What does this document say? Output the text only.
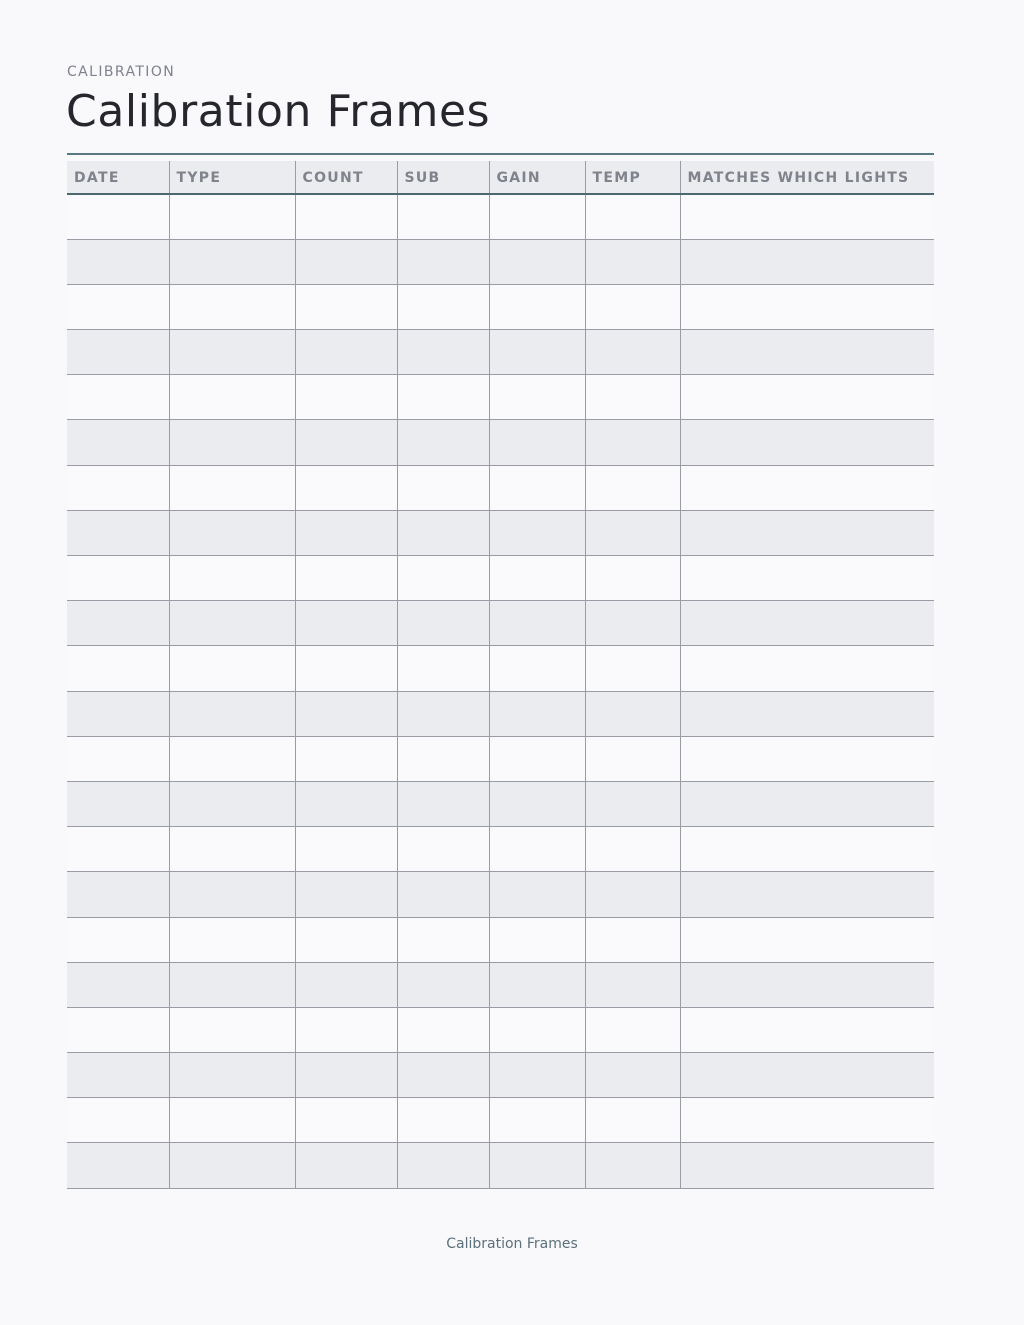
CALIBRATION
Calibration Frames
DATE	TYPE	COUNT	SUB	GAIN	TEMP	MATCHES WHICH LIGHTS

Calibration Frames
